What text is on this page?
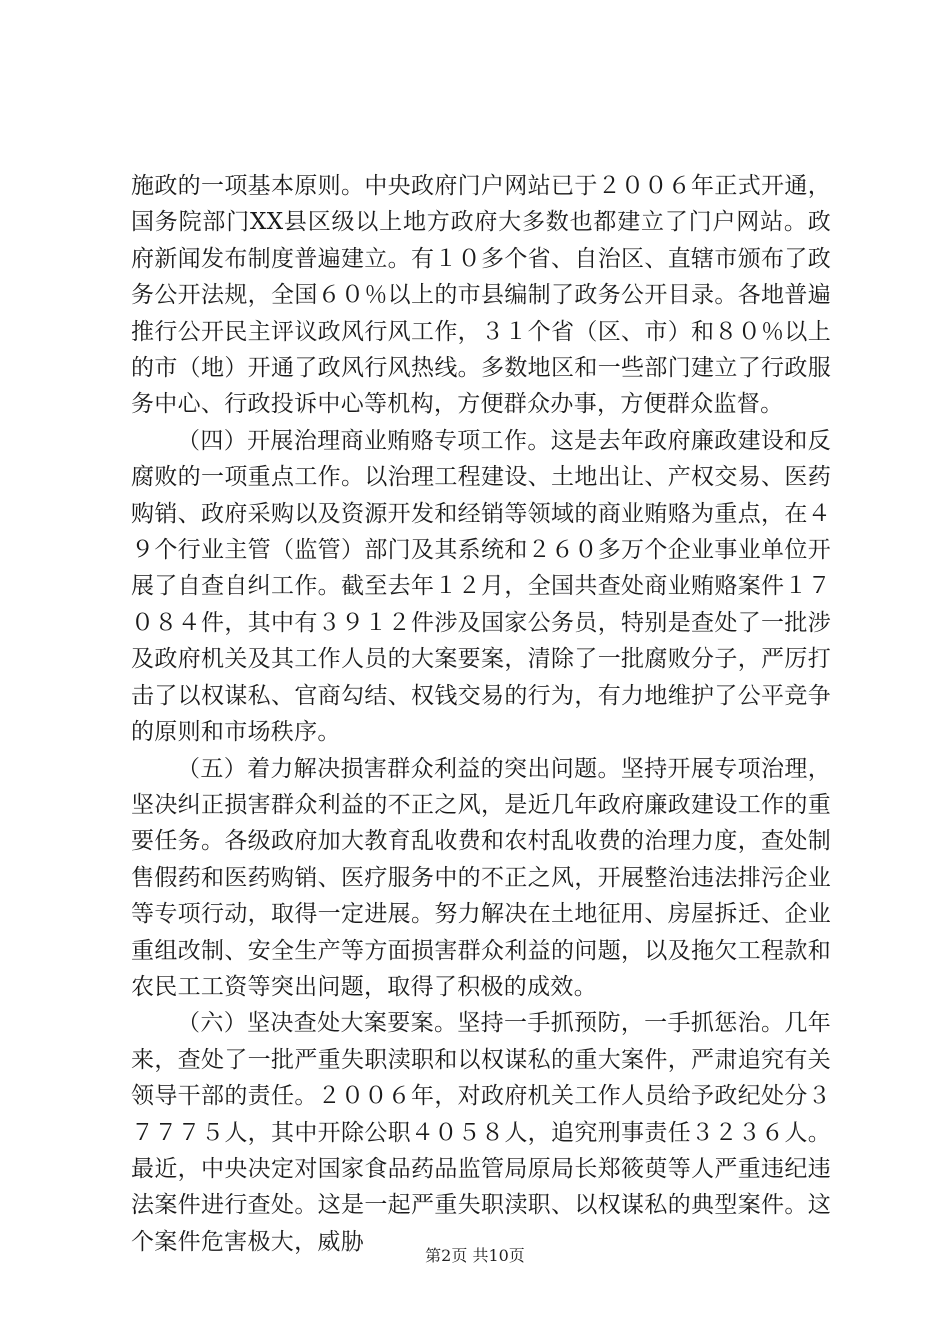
施政的一项基本原则。中央政府门户网站已于２００６年正式开通，国务院部门XX县区级以上地方政府大多数也都建立了门户网站。政府新闻发布制度普遍建立。有１０多个省、自治区、直辖市颁布了政务公开法规，全国６０％以上的市县编制了政务公开目录。各地普遍推行公开民主评议政风行风工作，３１个省（区、市）和８０％以上的市（地）开通了政风行风热线。多数地区和一些部门建立了行政服务中心、行政投诉中心等机构，方便群众办事，方便群众监督。

（四）开展治理商业贿赂专项工作。这是去年政府廉政建设和反腐败的一项重点工作。以治理工程建设、土地出让、产权交易、医药购销、政府采购以及资源开发和经销等领域的商业贿赂为重点，在４９个行业主管（监管）部门及其系统和２６０多万个企业事业单位开展了自查自纠工作。截至去年１２月，全国共查处商业贿赂案件１７０８４件，其中有３９１２件涉及国家公务员，特别是查处了一批涉及政府机关及其工作人员的大案要案，清除了一批腐败分子，严厉打击了以权谋私、官商勾结、权钱交易的行为，有力地维护了公平竞争的原则和市场秩序。

（五）着力解决损害群众利益的突出问题。坚持开展专项治理，坚决纠正损害群众利益的不正之风，是近几年政府廉政建设工作的重要任务。各级政府加大教育乱收费和农村乱收费的治理力度，查处制售假药和医药购销、医疗服务中的不正之风，开展整治违法排污企业等专项行动，取得一定进展。努力解决在土地征用、房屋拆迁、企业重组改制、安全生产等方面损害群众利益的问题，以及拖欠工程款和农民工工资等突出问题，取得了积极的成效。

（六）坚决查处大案要案。坚持一手抓预防，一手抓惩治。几年来，查处了一批严重失职渎职和以权谋私的重大案件，严肃追究有关领导干部的责任。２００６年，对政府机关工作人员给予政纪处分３７７７５人，其中开除公职４０５８人，追究刑事责任３２３６人。最近，中央决定对国家食品药品监管局原局长郑筱萸等人严重违纪违法案件进行查处。这是一起严重失职渎职、以权谋私的典型案件。这个案件危害极大，威胁

第2页 共10页
